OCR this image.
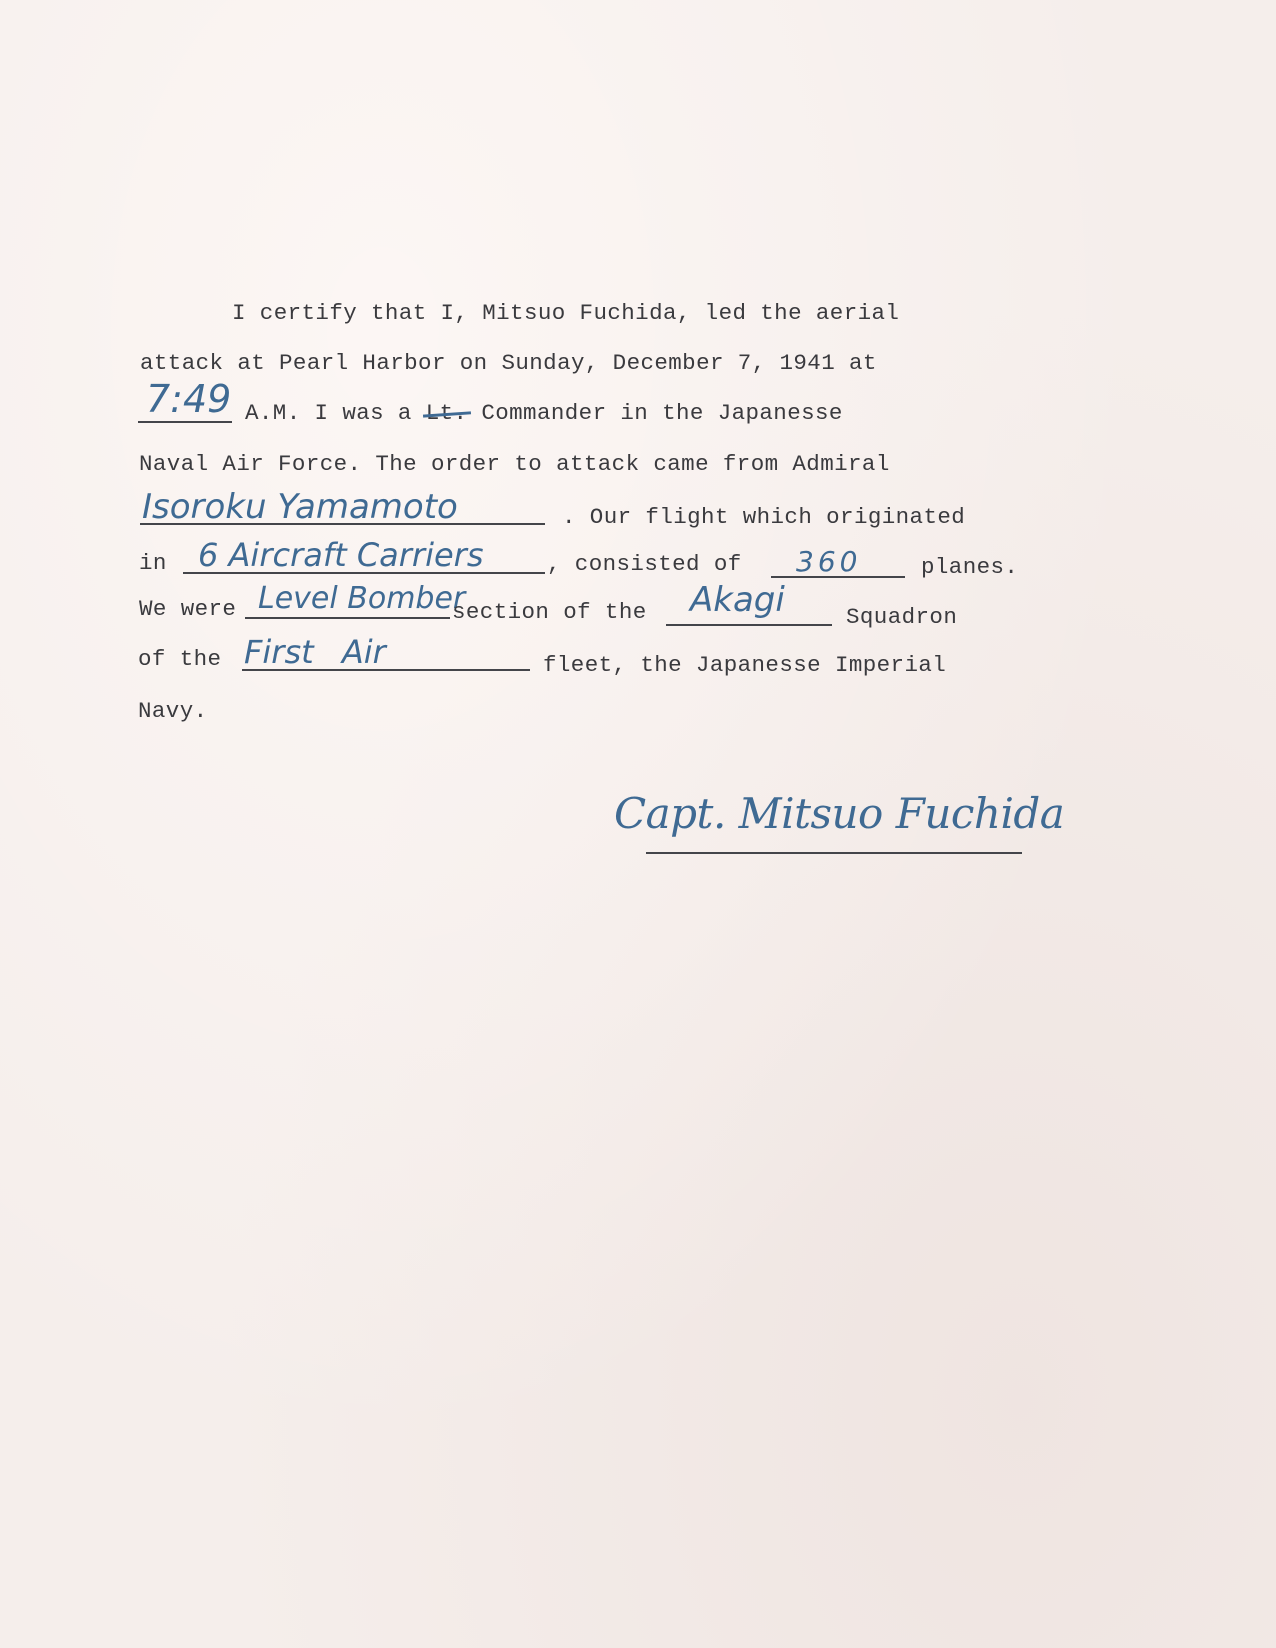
I certify that I, Mitsuo Fuchida, led the aerial
attack at Pearl Harbor on Sunday, December 7, 1941 at
7:49 A.M. I was a Lt. Commander in the Japanesse
Naval Air Force. The order to attack came from Admiral
Isoroku Yamamoto	. Our flight which originated
in 6 Aircraft Carriers	, consisted of 360	planes.
We were Level Bomber
section of the Akagi	Squadron
of the First Air	fleet, the Japanesse Imperial
Navy.
Capt. Mitsuo Fuchida
